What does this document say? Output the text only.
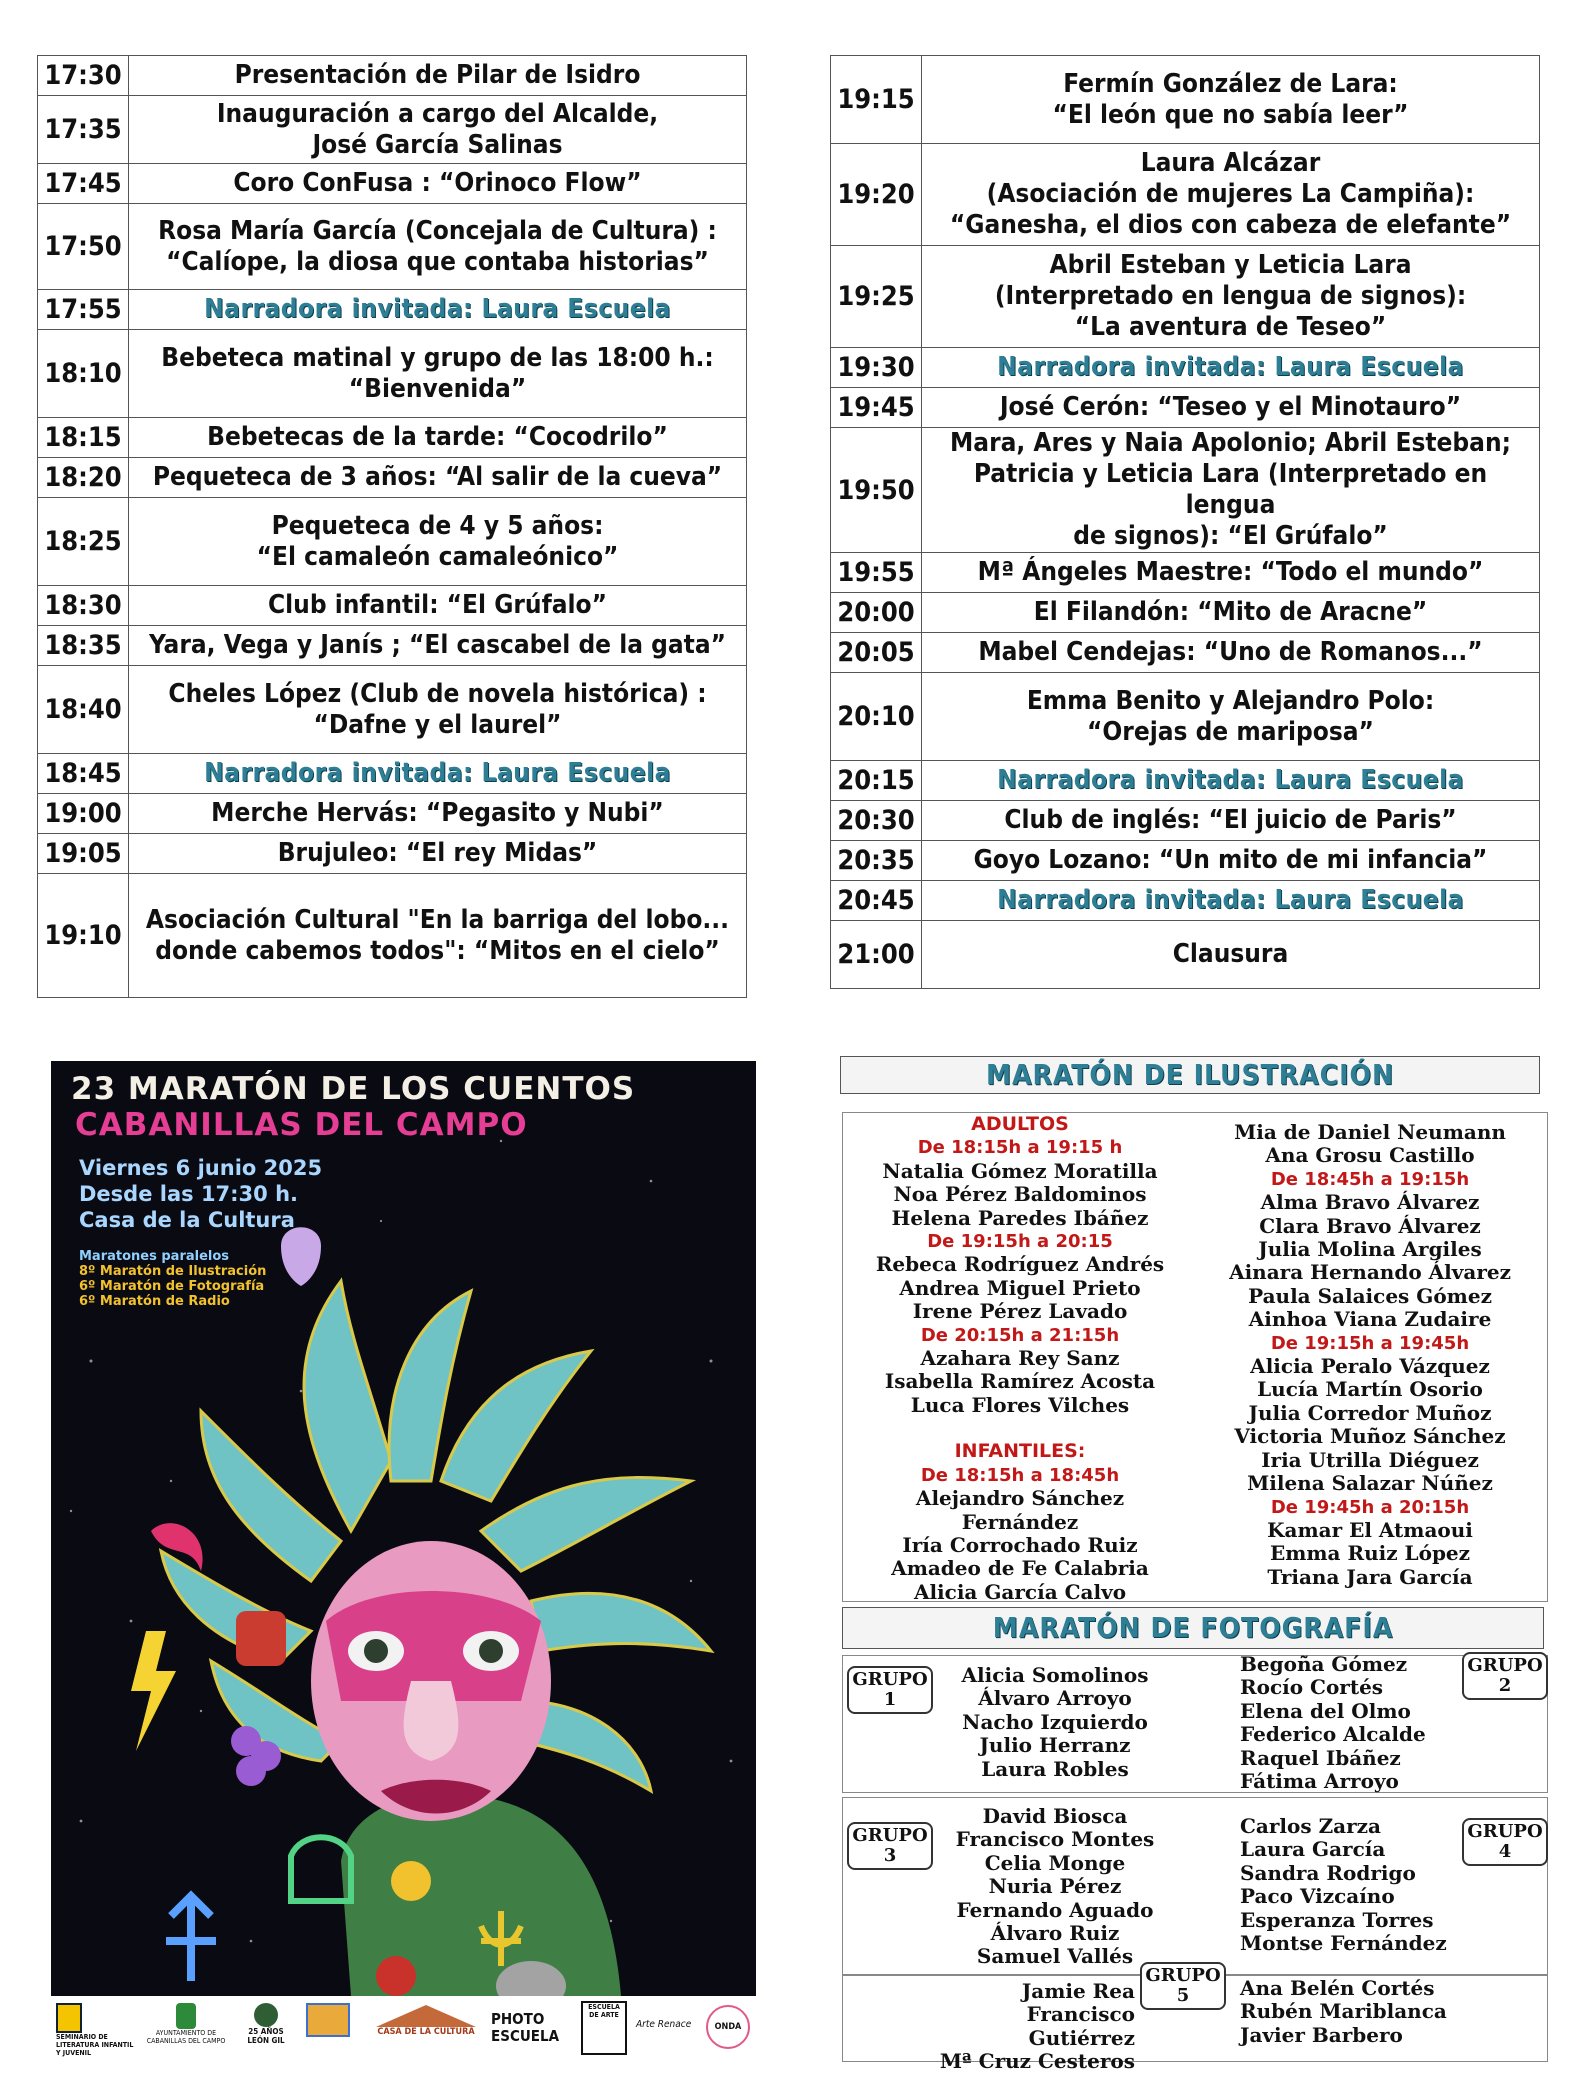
17:30	Presentación de Pilar de Isidro
17:35	Inauguración a cargo del Alcalde,
José García Salinas
17:45	Coro ConFusa : “Orinoco Flow”
17:50	Rosa María García (Concejala de Cultura) :
“Calíope, la diosa que contaba historias”
17:55	Narradora invitada: Laura Escuela
18:10	Bebeteca matinal y grupo de las 18:00 h.:
“Bienvenida”
18:15	Bebetecas de la tarde: “Cocodrilo”
18:20	Pequeteca de 3 años: “Al salir de la cueva”
18:25	Pequeteca de 4 y 5 años:
“El camaleón camaleónico”
18:30	Club infantil: “El Grúfalo”
18:35	Yara, Vega y Janís ; “El cascabel de la gata”
18:40	Cheles López (Club de novela histórica) :
“Dafne y el laurel”
18:45	Narradora invitada: Laura Escuela
19:00	Merche Hervás: “Pegasito y Nubi”
19:05	Brujuleo: “El rey Midas”
19:10	Asociación Cultural "En la barriga del lobo...
donde cabemos todos": “Mitos en el cielo”
19:15	Fermín González de Lara:
“El león que no sabía leer”
19:20	Laura Alcázar
(Asociación de mujeres La Campiña):
“Ganesha, el dios con cabeza de elefante”
19:25	Abril Esteban y Leticia Lara
(Interpretado en lengua de signos):
“La aventura de Teseo”
19:30	Narradora invitada: Laura Escuela
19:45	José Cerón: “Teseo y el Minotauro”
19:50	Mara, Ares y Naia Apolonio; Abril Esteban;
Patricia y Leticia Lara (Interpretado en lengua
de signos): “El Grúfalo”
19:55	Mª Ángeles Maestre: “Todo el mundo”
20:00	El Filandón: “Mito de Aracne”
20:05	Mabel Cendejas: “Uno de Romanos...”
20:10	Emma Benito y Alejandro Polo:
“Orejas de mariposa”
20:15	Narradora invitada: Laura Escuela
20:30	Club de inglés: “El juicio de Paris”
20:35	Goyo Lozano: “Un mito de mi infancia”
20:45	Narradora invitada: Laura Escuela
21:00	Clausura
23 MARATÓN DE LOS CUENTOS
CABANILLAS DEL CAMPO
Viernes 6 junio 2025
Desde las 17:30 h.
Casa de la Cultura
Maratones paralelos
8º Maratón de Ilustración
6º Maratón de Fotografía
6º Maratón de Radio
SEMINARIO DE LITERATURA INFANTIL Y JUVENIL
AYUNTAMIENTO DE CABANILLAS DEL CAMPO
25 AÑOS LEÓN GIL
CASA DE LA CULTURA
PHOTO ESCUELA
ESCUELA DE ARTE
Arte Renace	ONDA
MARATÓN DE ILUSTRACIÓN
ADULTOS
De 18:15h a 19:15 h
Natalia Gómez Moratilla
Noa Pérez Baldominos
Helena Paredes Ibáñez
De 19:15h a 20:15
Rebeca Rodríguez Andrés
Andrea Miguel Prieto
Irene Pérez Lavado
De 20:15h a 21:15h
Azahara Rey Sanz
Isabella Ramírez Acosta
Luca Flores Vilches
INFANTILES:
De 18:15h a 18:45h
Alejandro Sánchez Fernández
Iría Corrochado Ruiz
Amadeo de Fe Calabria
Alicia García Calvo
Mia de Daniel Neumann
Ana Grosu Castillo
De 18:45h a 19:15h
Alma Bravo Álvarez
Clara Bravo Álvarez
Julia Molina Argiles
Ainara Hernando Álvarez
Paula Salaices Gómez
Ainhoa Viana Zudaire
De 19:15h a 19:45h
Alicia Peralo Vázquez
Lucía Martín Osorio
Julia Corredor Muñoz
Victoria Muñoz Sánchez
Iria Utrilla Diéguez
Milena Salazar Núñez
De 19:45h a 20:15h
Kamar El Atmaoui
Emma Ruiz López
Triana Jara García
MARATÓN DE FOTOGRAFÍA
GRUPO
1
Alicia Somolinos
Álvaro Arroyo
Nacho Izquierdo
Julio Herranz
Laura Robles
GRUPO
2
Begoña Gómez
Rocío Cortés
Elena del Olmo
Federico Alcalde
Raquel Ibáñez
Fátima Arroyo
GRUPO
3
David Biosca
Francisco Montes
Celia Monge
Nuria Pérez
Fernando Aguado
Álvaro Ruiz
Samuel Vallés
GRUPO
4
Carlos Zarza
Laura García
Sandra Rodrigo
Paco Vizcaíno
Esperanza Torres
Montse Fernández
GRUPO
5
Jamie Rea
Francisco Gutiérrez
Mª Cruz Cesteros
Ana Belén Cortés
Rubén Mariblanca
Javier Barbero
